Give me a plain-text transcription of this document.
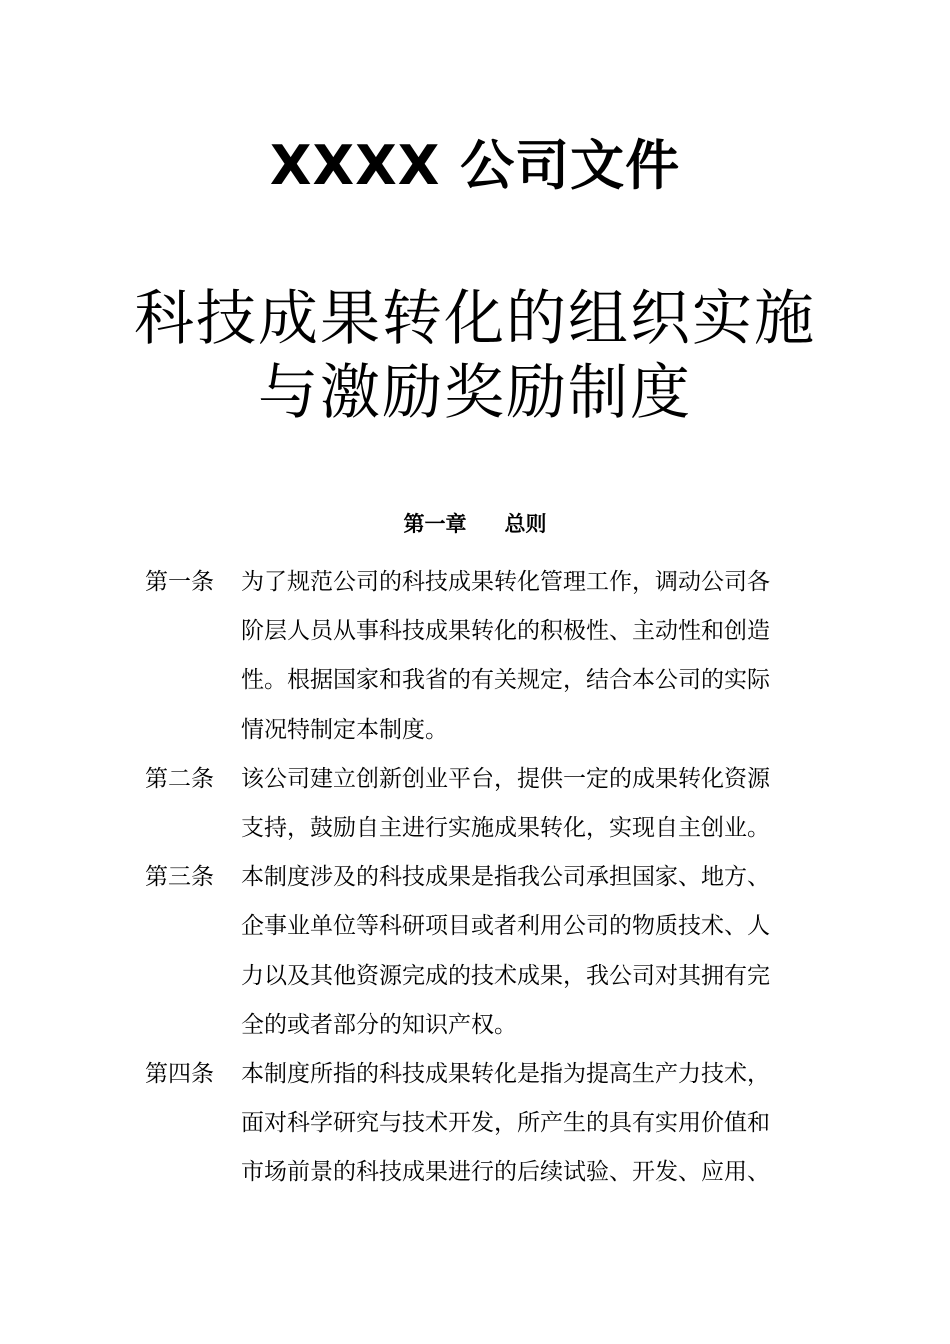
XXXX 公司文件
科技成果转化的组织实施
与激励奖励制度
第一章 总则
第一条	为了规范公司的科技成果转化管理工作，调动公司各
阶层人员从事科技成果转化的积极性、主动性和创造
性。根据国家和我省的有关规定，结合本公司的实际
情况特制定本制度。
第二条	该公司建立创新创业平台，提供一定的成果转化资源
支持，鼓励自主进行实施成果转化，实现自主创业。
第三条	本制度涉及的科技成果是指我公司承担国家、地方、
企事业单位等科研项目或者利用公司的物质技术、人
力以及其他资源完成的技术成果，我公司对其拥有完
全的或者部分的知识产权。
第四条	本制度所指的科技成果转化是指为提高生产力技术，
面对科学研究与技术开发，所产生的具有实用价值和
市场前景的科技成果进行的后续试验、开发、应用、
